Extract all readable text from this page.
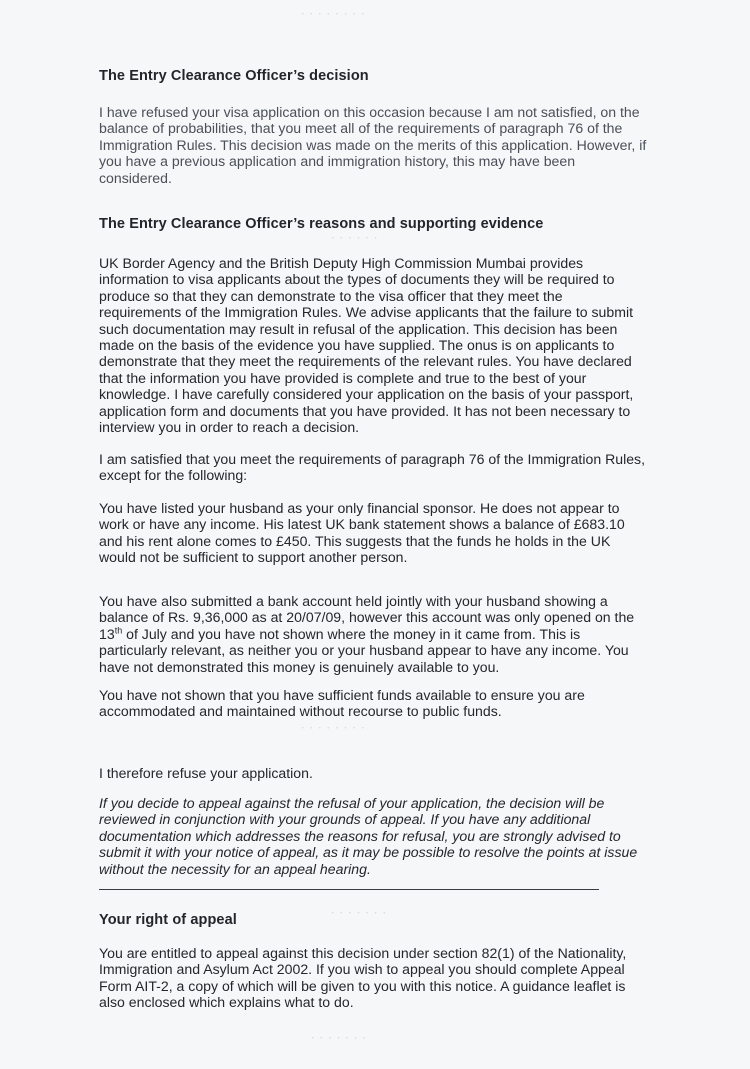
· · · · · · · ·
· · · · · ·
· · · · · · · ·
· · · · · · ·
· · · · · · ·
The Entry Clearance Officer’s decision

I have refused your visa application on this occasion because I am not satisfied, on the balance of probabilities, that you meet all of the requirements of paragraph 76 of the Immigration Rules. This decision was made on the merits of this application. However, if you have a previous application and immigration history, this may have been considered.

The Entry Clearance Officer’s reasons and supporting evidence

UK Border Agency and the British Deputy High Commission Mumbai provides information to visa applicants about the types of documents they will be required to produce so that they can demonstrate to the visa officer that they meet the requirements of the Immigration Rules. We advise applicants that the failure to submit such documentation may result in refusal of the application. This decision has been made on the basis of the evidence you have supplied. The onus is on applicants to demonstrate that they meet the requirements of the relevant rules. You have declared that the information you have provided is complete and true to the best of your knowledge. I have carefully considered your application on the basis of your passport, application form and documents that you have provided. It has not been necessary to interview you in order to reach a decision.

I am satisfied that you meet the requirements of paragraph 76 of the Immigration Rules, except for the following:

You have listed your husband as your only financial sponsor. He does not appear to work or have any income. His latest UK bank statement shows a balance of £683.10 and his rent alone comes to £450. This suggests that the funds he holds in the UK would not be sufficient to support another person.

You have also submitted a bank account held jointly with your husband showing a balance of Rs. 9,36,000 as at 20/07/09, however this account was only opened on the 13th of July and you have not shown where the money in it came from. This is particularly relevant, as neither you or your husband appear to have any income. You have not demonstrated this money is genuinely available to you.

You have not shown that you have sufficient funds available to ensure you are accommodated and maintained without recourse to public funds.

I therefore refuse your application.

If you decide to appeal against the refusal of your application, the decision will be reviewed in conjunction with your grounds of appeal. If you have any additional documentation which addresses the reasons for refusal, you are strongly advised to submit it with your notice of appeal, as it may be possible to resolve the points at issue without the necessity for an appeal hearing.

Your right of appeal

You are entitled to appeal against this decision under section 82(1) of the Nationality, Immigration and Asylum Act 2002. If you wish to appeal you should complete Appeal Form AIT-2, a copy of which will be given to you with this notice. A guidance leaflet is also enclosed which explains what to do.
